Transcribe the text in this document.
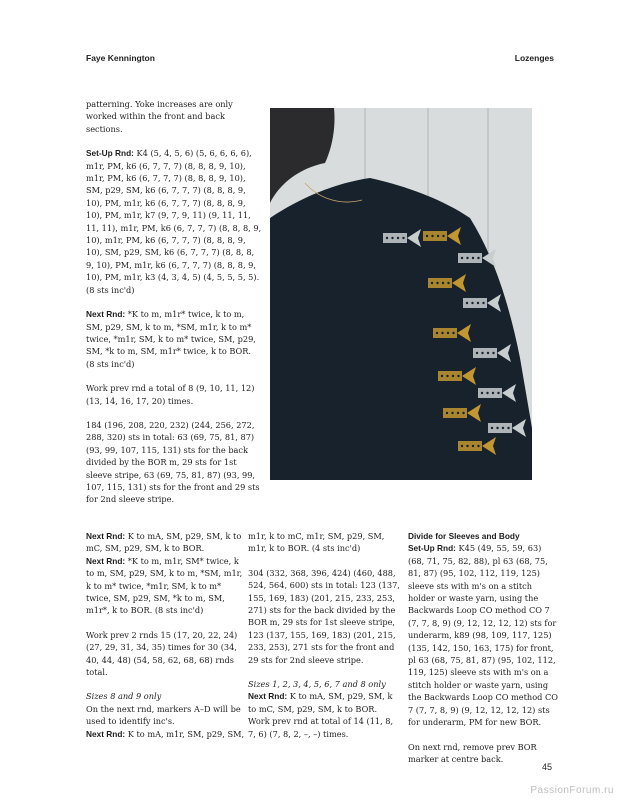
Faye Kennington	Lozenges

patterning. Yoke increases are only worked within the front and back sections.

Set-Up Rnd: K4 (5, 4, 5, 6) (5, 6, 6, 6, 6), m1r, PM, k6 (6, 7, 7, 7) (8, 8, 8, 9, 10), m1r, PM, k6 (6, 7, 7, 7) (8, 8, 8, 9, 10), SM, p29, SM, k6 (6, 7, 7, 7) (8, 8, 8, 9, 10), PM, m1r, k6 (6, 7, 7, 7) (8, 8, 8, 9, 10), PM, m1r, k7 (9, 7, 9, 11) (9, 11, 11, 11, 11), m1r, PM, k6 (6, 7, 7, 7) (8, 8, 8, 9, 10), m1r, PM, k6 (6, 7, 7, 7) (8, 8, 8, 9, 10), SM, p29, SM, k6 (6, 7, 7, 7) (8, 8, 8, 9, 10), PM, m1r, k6 (6, 7, 7, 7) (8, 8, 8, 9, 10), PM, m1r, k3 (4, 3, 4, 5) (4, 5, 5, 5, 5). (8 sts inc'd)

Next Rnd: *K to m, m1r* twice, k to m, SM, p29, SM, k to m, *SM, m1r, k to m* twice, *m1r, SM, k to m* twice, SM, p29, SM, *k to m, SM, m1r* twice, k to BOR. (8 sts inc'd)

Work prev rnd a total of 8 (9, 10, 11, 12) (13, 14, 16, 17, 20) times.

184 (196, 208, 220, 232) (244, 256, 272, 288, 320) sts in total: 63 (69, 75, 81, 87) (93, 99, 107, 115, 131) sts for the back divided by the BOR m, 29 sts for 1st sleeve stripe, 63 (69, 75, 81, 87) (93, 99, 107, 115, 131) sts for the front and 29 sts for 2nd sleeve stripe.

Next Rnd: K to mA, SM, p29, SM, k to mC, SM, p29, SM, k to BOR.

Next Rnd: *K to m, m1r, SM* twice, k to m, SM, p29, SM, k to m, *SM, m1r, k to m* twice, *m1r, SM, k to m* twice, SM, p29, SM, *k to m, SM, m1r*, k to BOR. (8 sts inc'd)

Work prev 2 rnds 15 (17, 20, 22, 24) (27, 29, 31, 34, 35) times for 30 (34, 40, 44, 48) (54, 58, 62, 68, 68) rnds total.

Sizes 8 and 9 only

On the next rnd, markers A–D will be used to identify inc's.

Next Rnd: K to mA, m1r, SM, p29, SM,

m1r, k to mC, m1r, SM, p29, SM, m1r, k to BOR. (4 sts inc'd)

304 (332, 368, 396, 424) (460, 488, 524, 564, 600) sts in total: 123 (137, 155, 169, 183) (201, 215, 233, 253, 271) sts for the back divided by the BOR m, 29 sts for 1st sleeve stripe, 123 (137, 155, 169, 183) (201, 215, 233, 253), 271 sts for the front and 29 sts for 2nd sleeve stripe.

Sizes 1, 2, 3, 4, 5, 6, 7 and 8 only

Next Rnd: K to mA, SM, p29, SM, k to mC, SM, p29, SM, k to BOR.

Work prev rnd at total of 14 (11, 8, 7, 6) (7, 8, 2, –, –) times.

Divide for Sleeves and Body

Set-Up Rnd: K45 (49, 55, 59, 63) (68, 71, 75, 82, 88), pl 63 (68, 75, 81, 87) (95, 102, 112, 119, 125) sleeve sts with m's on a stitch holder or waste yarn, using the Backwards Loop CO method CO 7 (7, 7, 8, 9) (9, 12, 12, 12, 12) sts for underarm, k89 (98, 109, 117, 125) (135, 142, 150, 163, 175) for front, pl 63 (68, 75, 81, 87) (95, 102, 112, 119, 125) sleeve sts with m's on a stitch holder or waste yarn, using the Backwards Loop CO method CO 7 (7, 7, 8, 9) (9, 12, 12, 12, 12) sts for underarm, PM for new BOR.

On next rnd, remove prev BOR marker at centre back.

45
PassionForum.ru
